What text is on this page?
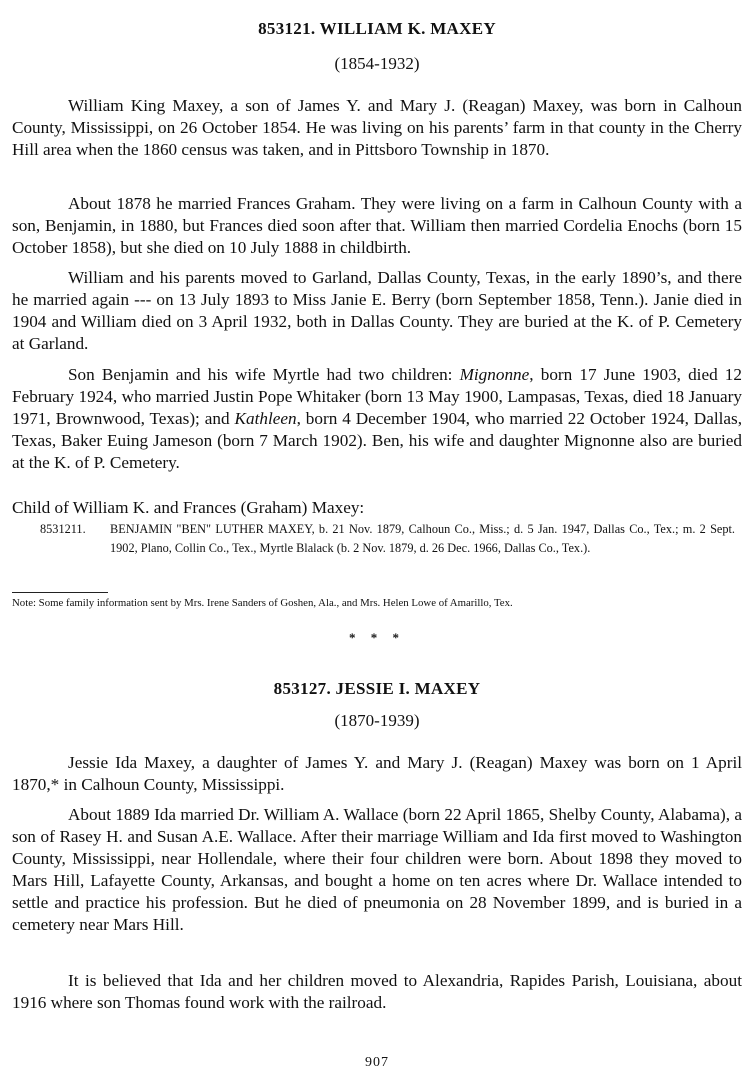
853121. WILLIAM K. MAXEY
(1854-1932)

William King Maxey, a son of James Y. and Mary J. (Reagan) Maxey, was born in Calhoun County, Mississippi, on 26 October 1854. He was living on his parents’ farm in that county in the Cherry Hill area when the 1860 census was taken, and in Pittsboro Township in 1870.

About 1878 he married Frances Graham. They were living on a farm in Calhoun County with a son, Benjamin, in 1880, but Frances died soon after that. William then married Cordelia Enochs (born 15 October 1858), but she died on 10 July 1888 in childbirth.

William and his parents moved to Garland, Dallas County, Texas, in the early 1890’s, and there he married again --- on 13 July 1893 to Miss Janie E. Berry (born September 1858, Tenn.). Janie died in 1904 and William died on 3 April 1932, both in Dallas County. They are buried at the K. of P. Cemetery at Garland.

Son Benjamin and his wife Myrtle had two children: Mignonne, born 17 June 1903, died 12 February 1924, who married Justin Pope Whitaker (born 13 May 1900, Lampasas, Texas, died 18 January 1971, Brownwood, Texas); and Kathleen, born 4 December 1904, who married 22 October 1924, Dallas, Texas, Baker Euing Jameson (born 7 March 1902). Ben, his wife and daughter Mignonne also are buried at the K. of P. Cemetery.

Child of William K. and Frances (Graham) Maxey:
8531211. BENJAMIN "BEN" LUTHER MAXEY, b. 21 Nov. 1879, Calhoun Co., Miss.; d. 5 Jan. 1947, Dallas Co., Tex.; m. 2 Sept. 1902, Plano, Collin Co., Tex., Myrtle Blalack (b. 2 Nov. 1879, d. 26 Dec. 1966, Dallas Co., Tex.).
Note: Some family information sent by Mrs. Irene Sanders of Goshen, Ala., and Mrs. Helen Lowe of Amarillo, Tex.
* * *
853127. JESSIE I. MAXEY
(1870-1939)

Jessie Ida Maxey, a daughter of James Y. and Mary J. (Reagan) Maxey was born on 1 April 1870,* in Calhoun County, Mississippi.

About 1889 Ida married Dr. William A. Wallace (born 22 April 1865, Shelby County, Alabama), a son of Rasey H. and Susan A.E. Wallace. After their marriage William and Ida first moved to Washington County, Mississippi, near Hollendale, where their four children were born. About 1898 they moved to Mars Hill, Lafayette County, Arkansas, and bought a home on ten acres where Dr. Wallace intended to settle and practice his profession. But he died of pneumonia on 28 November 1899, and is buried in a cemetery near Mars Hill.

It is believed that Ida and her children moved to Alexandria, Rapides Parish, Louisiana, about 1916 where son Thomas found work with the railroad.

907
